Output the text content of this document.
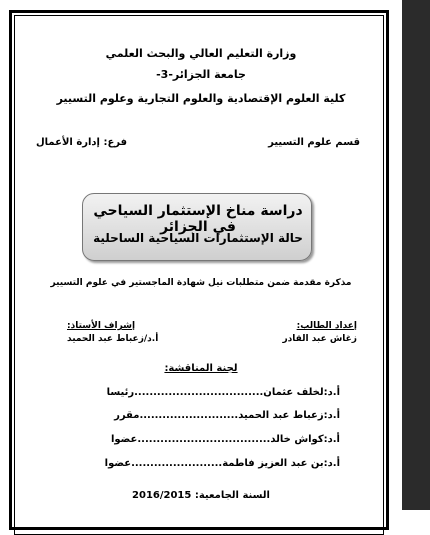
وزارة التعليم العالي والبحث العلمي
جامعة الجزائر-3-
كلية العلوم الإقتصادية والعلوم التجارية وعلوم التسيير
قسم علوم التسيير
فرع: إدارة الأعمال
دراسة مناخ الإستثمار السياحي في الجزائر
حالة الإستثمارات السياحية الساحلية
مذكرة مقدمة ضمن متطلبات نيل شهادة الماجستير في علوم التسيير
إعداد الطالب:
زغاش عبد القادر
إشراف الأستاذ:
أ.د/زعباط عبد الحميد
لجنة المناقشة:
أ.د:لخلف عثمان..................................رئيسا
أ.د:زعباط عبد الحميد..........................مقرر
أ.د:كواش خالد...................................عضوا
أ.د:بن عبد العزيز فاطمة........................عضوا
السنة الجامعية: 2016/2015
